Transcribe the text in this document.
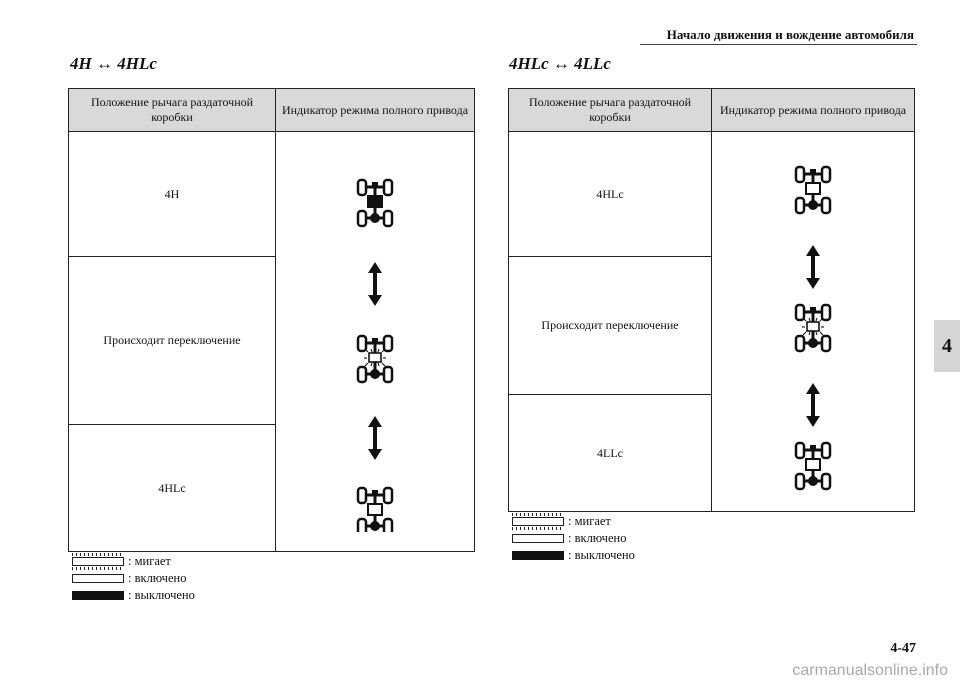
Начало движения и вождение автомобиля
4H ↔ 4HLc
Положение рычага раздаточной коробки	Индикатор режима полного привода
4H	

Происходит переключение	
4HLc	
: мигает
: включено
: выключено
4HLc ↔ 4LLc
Положение рычага раздаточной коробки	Индикатор режима полного привода
4HLc	

Происходит переключение	
4LLc	
: мигает
: включено
: выключено
4
4-47
carmanualsonline.info
